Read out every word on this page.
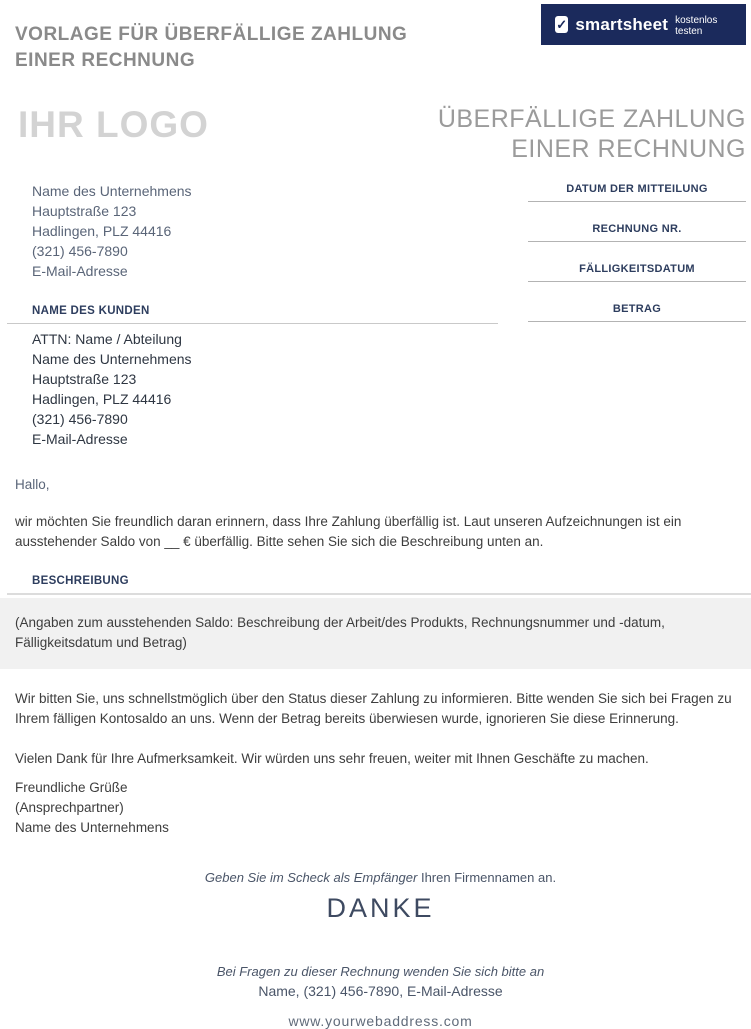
VORLAGE FÜR ÜBERFÄLLIGE ZAHLUNG
EINER RECHNUNG
✓ smartsheet kostenlos testen
IHR LOGO	ÜBERFÄLLIGE ZAHLUNG
EINER RECHNUNG
Name des Unternehmens
Hauptstraße 123
Hadlingen, PLZ 44416
(321) 456-7890
E-Mail-Adresse
NAME DES KUNDEN
ATTN: Name / Abteilung
Name des Unternehmens
Hauptstraße 123
Hadlingen, PLZ 44416
(321) 456-7890
E-Mail-Adresse
DATUM DER MITTEILUNG
RECHNUNG NR.
FÄLLIGKEITSDATUM
BETRAG
Hallo,

wir möchten Sie freundlich daran erinnern, dass Ihre Zahlung überfällig ist. Laut unseren Aufzeichnungen ist ein ausstehender Saldo von __ € überfällig. Bitte sehen Sie sich die Beschreibung unten an.

BESCHREIBUNG

(Angaben zum ausstehenden Saldo: Beschreibung der Arbeit/des Produkts, Rechnungsnummer und -datum, Fälligkeitsdatum und Betrag)

Wir bitten Sie, uns schnellstmöglich über den Status dieser Zahlung zu informieren. Bitte wenden Sie sich bei Fragen zu Ihrem fälligen Kontosaldo an uns. Wenn der Betrag bereits überwiesen wurde, ignorieren Sie diese Erinnerung.

Vielen Dank für Ihre Aufmerksamkeit. Wir würden uns sehr freuen, weiter mit Ihnen Geschäfte zu machen.

Freundliche Grüße
(Ansprechpartner)
Name des Unternehmens
Geben Sie im Scheck als Empfänger Ihren Firmennamen an.
DANKE
Bei Fragen zu dieser Rechnung wenden Sie sich bitte an
Name, (321) 456-7890, E-Mail-Adresse
www.yourwebaddress.com
